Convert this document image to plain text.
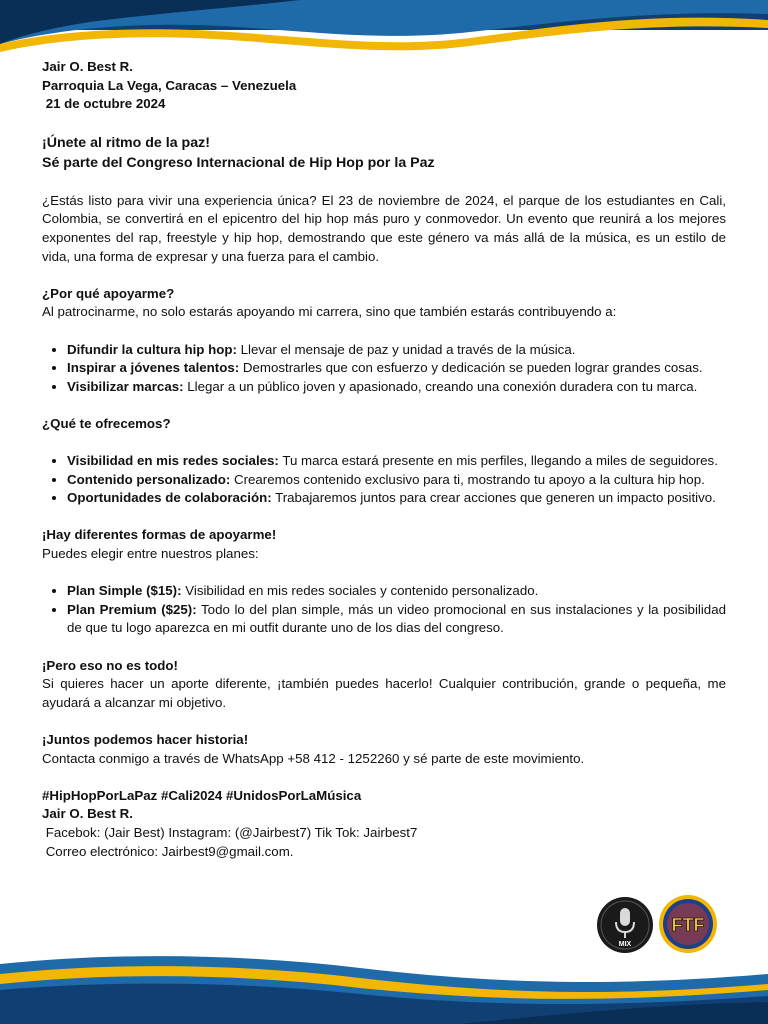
Jair O. Best R.

Parroquia La Vega, Caracas – Venezuela

21 de octubre 2024

¡Únete al ritmo de la paz!

Sé parte del Congreso Internacional de Hip Hop por la Paz

¿Estás listo para vivir una experiencia única? El 23 de noviembre de 2024, el parque de los estudiantes en Cali, Colombia, se convertirá en el epicentro del hip hop más puro y conmovedor. Un evento que reunirá a los mejores exponentes del rap, freestyle y hip hop, demostrando que este género va más allá de la música, es un estilo de vida, una forma de expresar y una fuerza para el cambio.

¿Por qué apoyarme?

Al patrocinarme, no solo estarás apoyando mi carrera, sino que también estarás contribuyendo a:

• Difundir la cultura hip hop: Llevar el mensaje de paz y unidad a través de la música.
• Inspirar a jóvenes talentos: Demostrarles que con esfuerzo y dedicación se pueden lograr grandes cosas.
• Visibilizar marcas: Llegar a un público joven y apasionado, creando una conexión duradera con tu marca.

¿Qué te ofrecemos?

• Visibilidad en mis redes sociales: Tu marca estará presente en mis perfiles, llegando a miles de seguidores.
• Contenido personalizado: Crearemos contenido exclusivo para ti, mostrando tu apoyo a la cultura hip hop.
• Oportunidades de colaboración: Trabajaremos juntos para crear acciones que generen un impacto positivo.

¡Hay diferentes formas de apoyarme!

Puedes elegir entre nuestros planes:

• Plan Simple ($15): Visibilidad en mis redes sociales y contenido personalizado.
• Plan Premium ($25): Todo lo del plan simple, más un video promocional en sus instalaciones y la posibilidad de que tu logo aparezca en mi outfit durante uno de los dias del congreso.

¡Pero eso no es todo!

Si quieres hacer un aporte diferente, ¡también puedes hacerlo! Cualquier contribución, grande o pequeña, me ayudará a alcanzar mi objetivo.

¡Juntos podemos hacer historia!

Contacta conmigo a través de WhatsApp +58 412 - 1252260 y sé parte de este movimiento.

#HipHopPorLaPaz #Cali2024 #UnidosPorLaMúsica

Jair O. Best R.

Facebok: (Jair Best) Instagram: (@Jairbest7) Tik Tok: Jairbest7

Correo electrónico: Jairbest9@gmail.com.

MIX
FTF
